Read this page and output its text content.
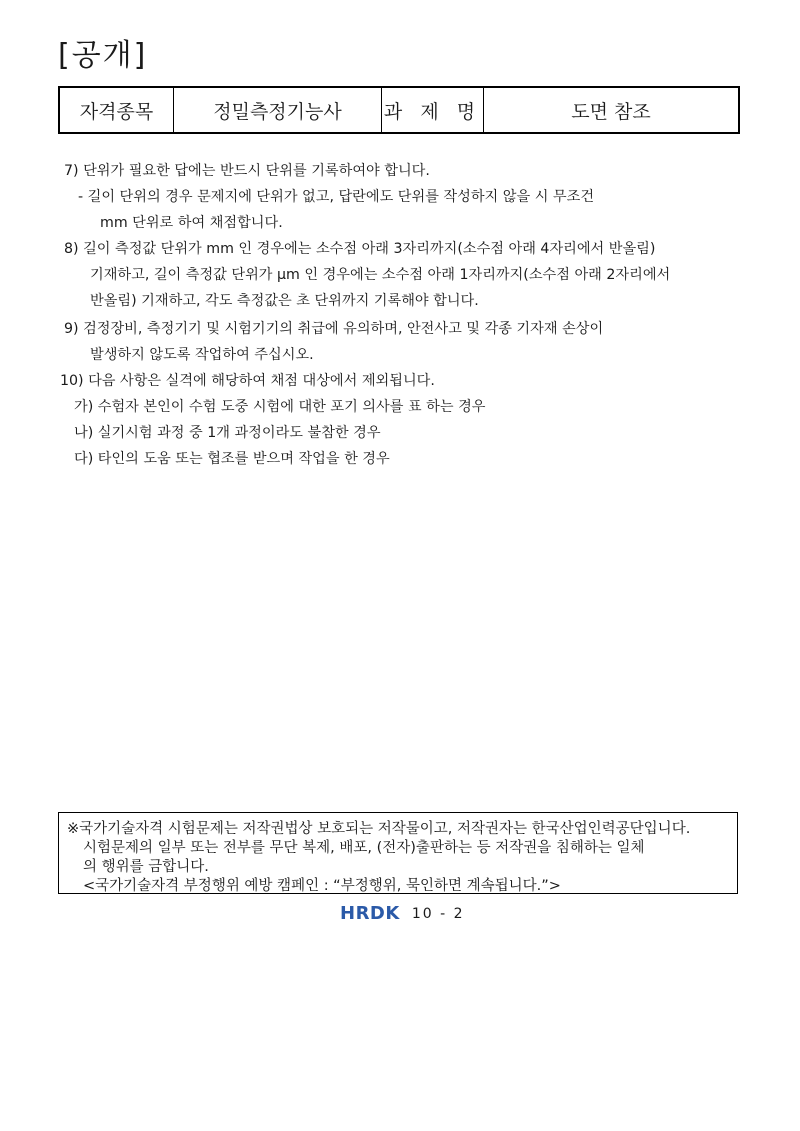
[공개]
자격종목	정밀측정기능사	과 제 명	도면 참조
7) 단위가 필요한 답에는 반드시 단위를 기록하여야 합니다.
- 길이 단위의 경우 문제지에 단위가 없고, 답란에도 단위를 작성하지 않을 시 무조건
mm 단위로 하여 채점합니다.
8) 길이 측정값 단위가 mm 인 경우에는 소수점 아래 3자리까지(소수점 아래 4자리에서 반올림)
기재하고, 길이 측정값 단위가 μm 인 경우에는 소수점 아래 1자리까지(소수점 아래 2자리에서
반올림) 기재하고, 각도 측정값은 초 단위까지 기록해야 합니다.
9) 검정장비, 측정기기 및 시험기기의 취급에 유의하며, 안전사고 및 각종 기자재 손상이
발생하지 않도록 작업하여 주십시오.
10) 다음 사항은 실격에 해당하여 채점 대상에서 제외됩니다.
가) 수험자 본인이 수험 도중 시험에 대한 포기 의사를 표 하는 경우
나) 실기시험 과정 중 1개 과정이라도 불참한 경우
다) 타인의 도움 또는 협조를 받으며 작업을 한 경우
※국가기술자격 시험문제는 저작권법상 보호되는 저작물이고, 저작권자는 한국산업인력공단입니다.
시험문제의 일부 또는 전부를 무단 복제, 배포, (전자)출판하는 등 저작권을 침해하는 일체
의 행위를 금합니다.
<국가기술자격 부정행위 예방 캠페인 : “부정행위, 묵인하면 계속됩니다.”>
HRDK 10 - 2
